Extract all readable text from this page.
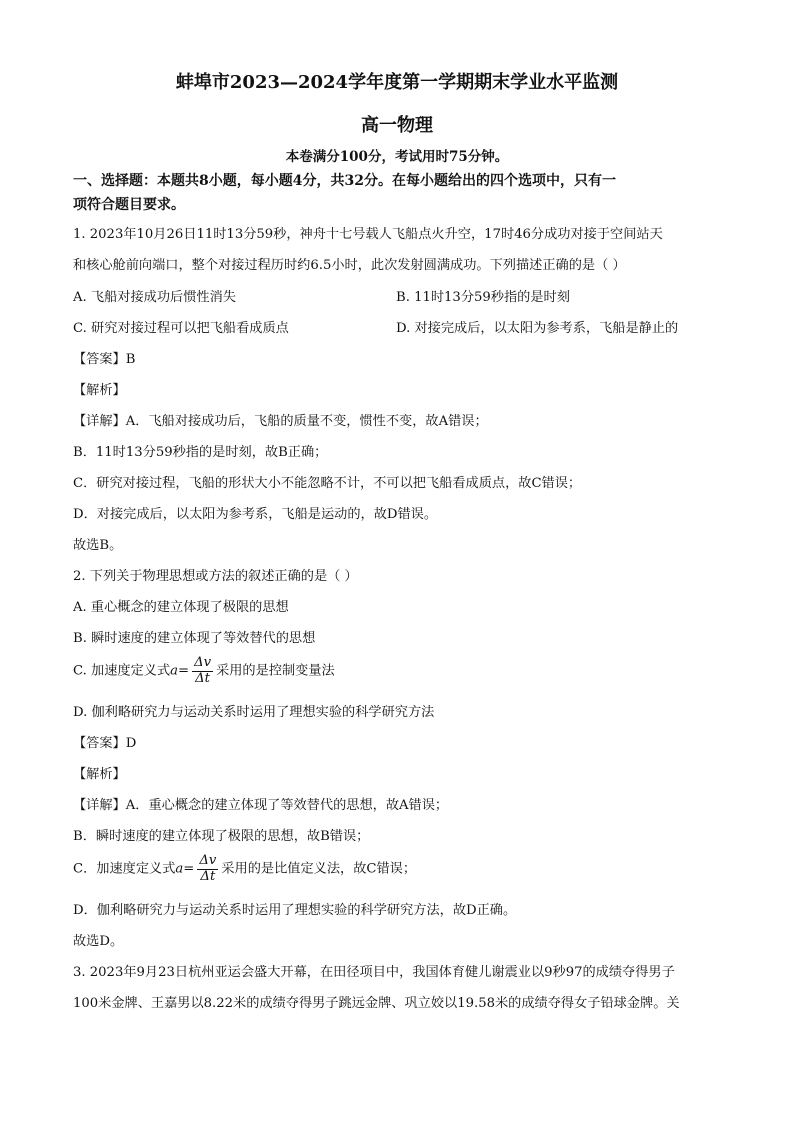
蚌埠市2023—2024学年度第一学期期末学业水平监测
高一物理
本卷满分100分，考试用时75分钟。
一、选择题：本题共8小题，每小题4分，共32分。在每小题给出的四个选项中，只有一
项符合题目要求。
1. 2023年10月26日11时13分59秒，神舟十七号载人飞船点火升空，17时46分成功对接于空间站天
和核心舱前向端口，整个对接过程历时约6.5小时，此次发射圆满成功。下列描述正确的是（ ）
A. 飞船对接成功后惯性消失	B. 11时13分59秒指的是时刻
C. 研究对接过程可以把飞船看成质点	D. 对接完成后，以太阳为参考系，飞船是静止的
【答案】B
【解析】
【详解】A．飞船对接成功后，飞船的质量不变，惯性不变，故A错误；
B．11时13分59秒指的是时刻，故B正确；
C．研究对接过程，飞船的形状大小不能忽略不计，不可以把飞船看成质点，故C错误；
D．对接完成后，以太阳为参考系，飞船是运动的，故D错误。
故选B。
2. 下列关于物理思想或方法的叙述正确的是（ ）
A. 重心概念的建立体现了极限的思想
B. 瞬时速度的建立体现了等效替代的思想
C. 加速度定义式$a= \frac{\Delta v}{\Delta t}$ 采用的是控制变量法
D. 伽利略研究力与运动关系时运用了理想实验的科学研究方法
【答案】D
【解析】
【详解】A．重心概念的建立体现了等效替代的思想，故A错误；
B．瞬时速度的建立体现了极限的思想，故B错误；
C．加速度定义式$a= \frac{\Delta v}{\Delta t}$ 采用的是比值定义法，故C错误；
D．伽利略研究力与运动关系时运用了理想实验的科学研究方法，故D正确。
故选D。
3. 2023年9月23日杭州亚运会盛大开幕，在田径项目中，我国体育健儿谢震业以9秒97的成绩夺得男子
100米金牌、王嘉男以8.22米的成绩夺得男子跳远金牌、巩立姣以19.58米的成绩夺得女子铅球金牌。关
